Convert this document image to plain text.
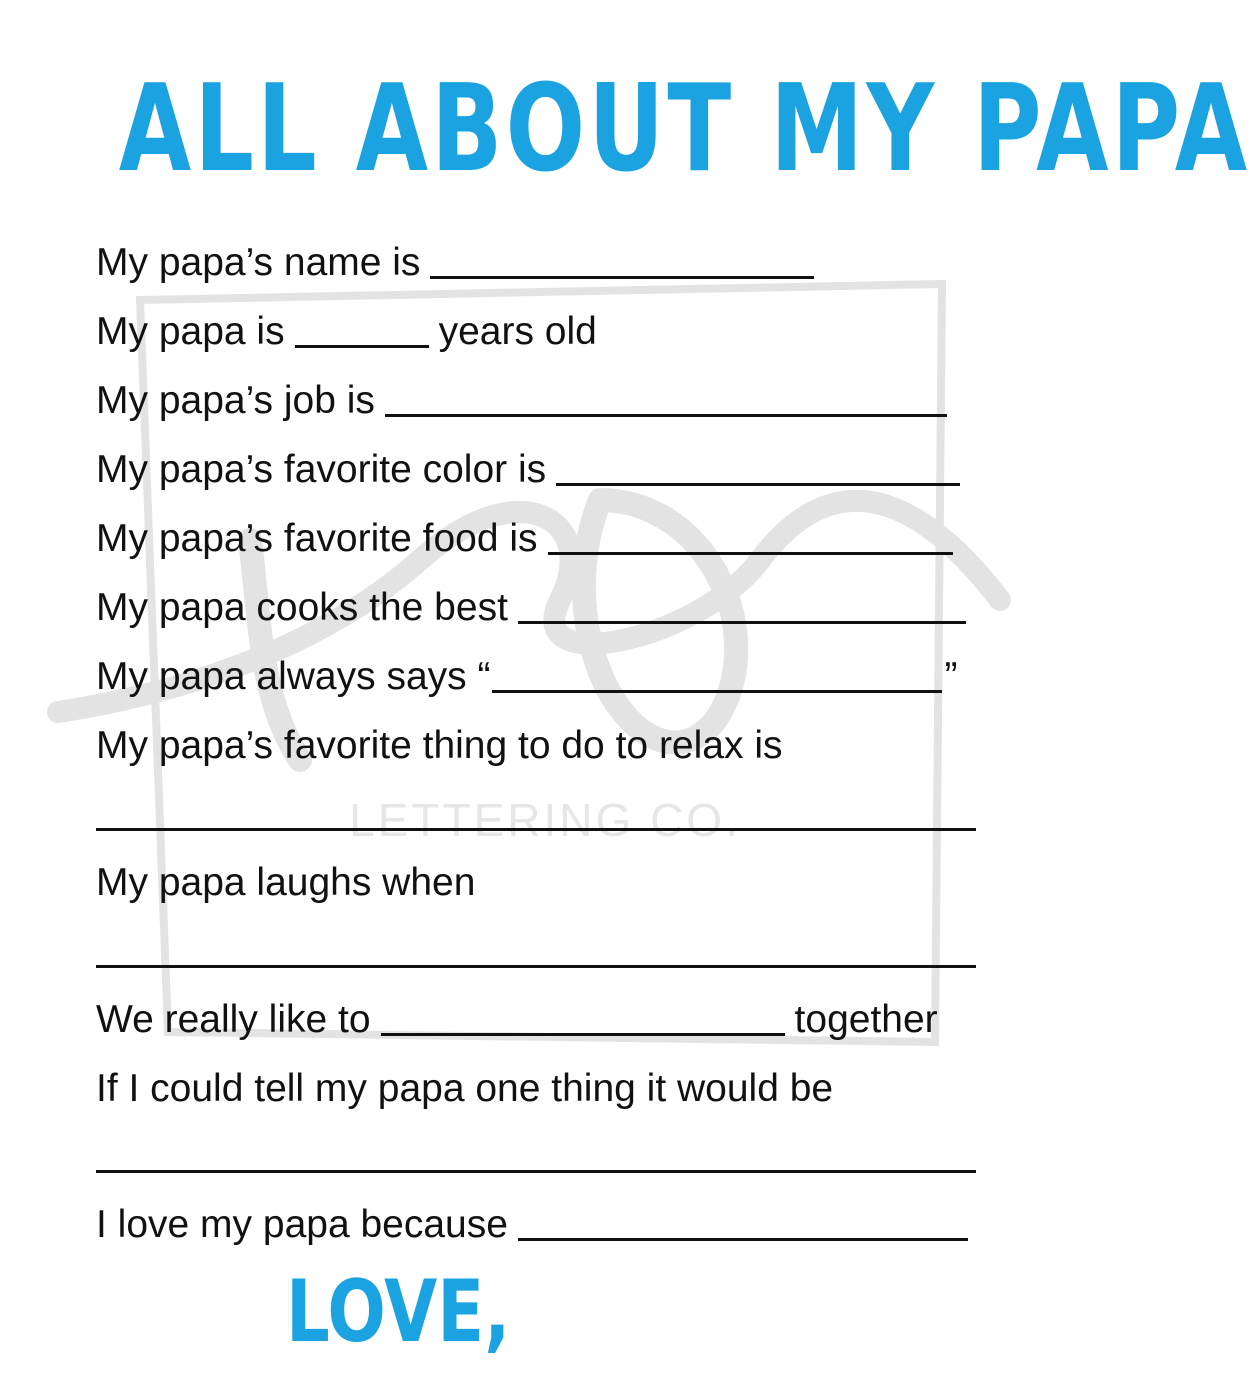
LETTERING CO.
ALL ABOUT MY PAPA
My papa’s name is
My papa is	years old
My papa’s job is
My papa’s favorite color is
My papa’s favorite food is
My papa cooks the best
My papa always says “	”
My papa’s favorite thing to do to relax is
My papa laughs when
We really like to	together
If I could tell my papa one thing it would be
I love my papa because
LOVE,
